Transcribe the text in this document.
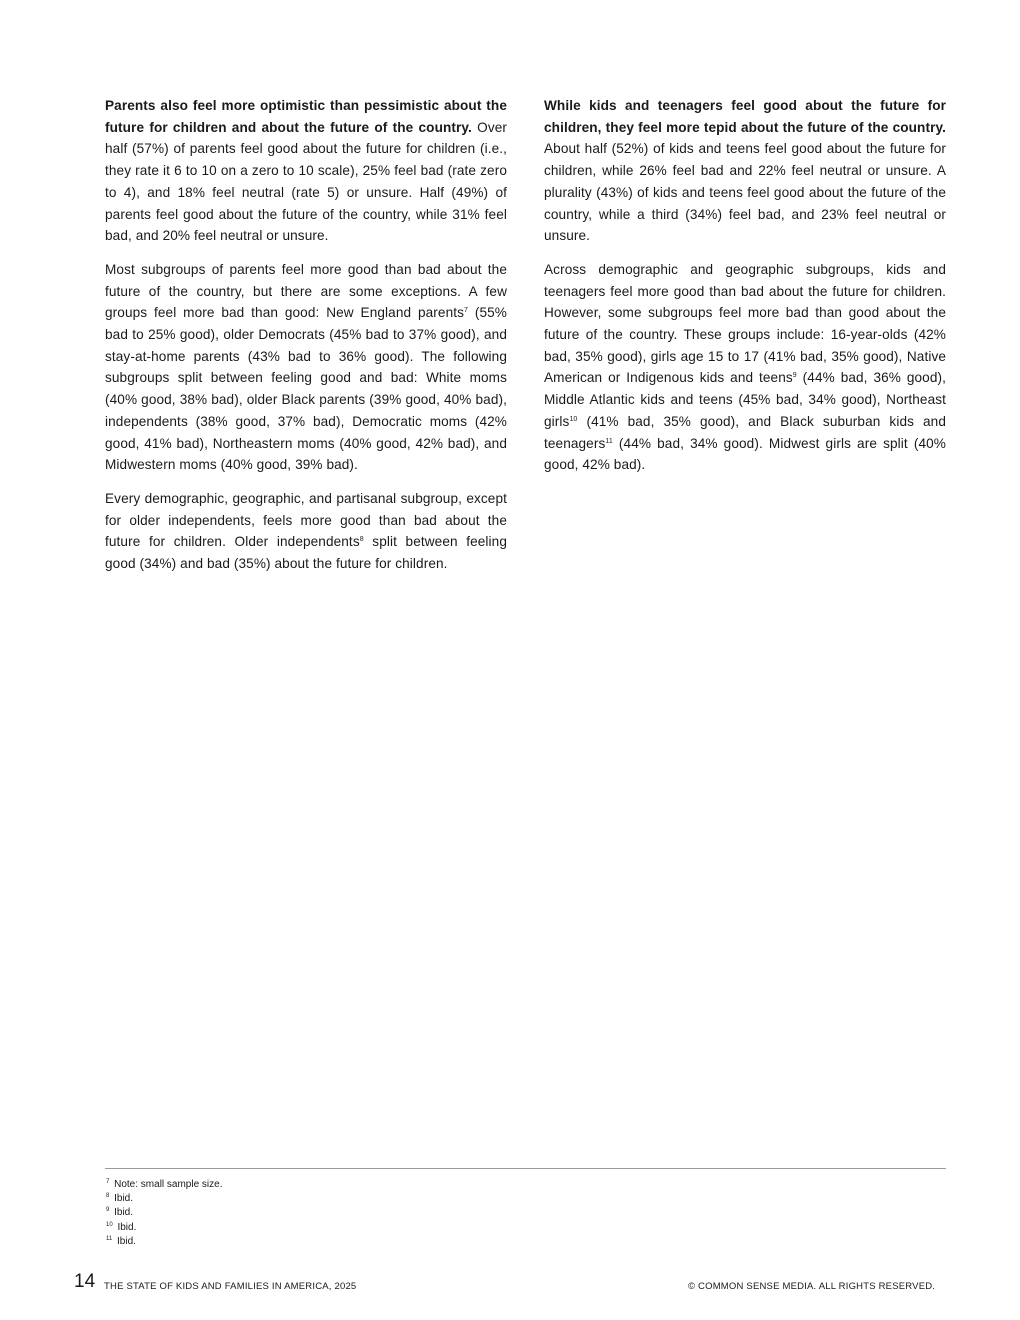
Parents also feel more optimistic than pessimistic about the future for children and about the future of the country. Over half (57%) of parents feel good about the future for children (i.e., they rate it 6 to 10 on a zero to 10 scale), 25% feel bad (rate zero to 4), and 18% feel neutral (rate 5) or unsure. Half (49%) of parents feel good about the future of the country, while 31% feel bad, and 20% feel neutral or unsure.

Most subgroups of parents feel more good than bad about the future of the country, but there are some exceptions. A few groups feel more bad than good: New England parents$^7$ (55% bad to 25% good), older Democrats (45% bad to 37% good), and stay-at-home parents (43% bad to 36% good). The following subgroups split between feeling good and bad: White moms (40% good, 38% bad), older Black parents (39% good, 40% bad), independents (38% good, 37% bad), Democratic moms (42% good, 41% bad), Northeastern moms (40% good, 42% bad), and Midwestern moms (40% good, 39% bad).

Every demographic, geographic, and partisanal subgroup, except for older independents, feels more good than bad about the future for children. Older independents$^8$ split between feeling good (34%) and bad (35%) about the future for children.

While kids and teenagers feel good about the future for children, they feel more tepid about the future of the country. About half (52%) of kids and teens feel good about the future for children, while 26% feel bad and 22% feel neutral or unsure. A plurality (43%) of kids and teens feel good about the future of the country, while a third (34%) feel bad, and 23% feel neutral or unsure.

Across demographic and geographic subgroups, kids and teenagers feel more good than bad about the future for children. However, some subgroups feel more bad than good about the future of the country. These groups include: 16-year-olds (42% bad, 35% good), girls age 15 to 17 (41% bad, 35% good), Native American or Indigenous kids and teens$^9$ (44% bad, 36% good), Middle Atlantic kids and teens (45% bad, 34% good), Northeast girls$^{10}$ (41% bad, 35% good), and Black suburban kids and teenagers$^{11}$ (44% bad, 34% good). Midwest girls are split (40% good, 42% bad).

$^7$ Note: small sample size.
$^8$ Ibid.
$^9$ Ibid.
$^{10}$ Ibid.
$^{11}$ Ibid.
14 THE STATE OF KIDS AND FAMILIES IN AMERICA, 2025	© COMMON SENSE MEDIA. ALL RIGHTS RESERVED.
